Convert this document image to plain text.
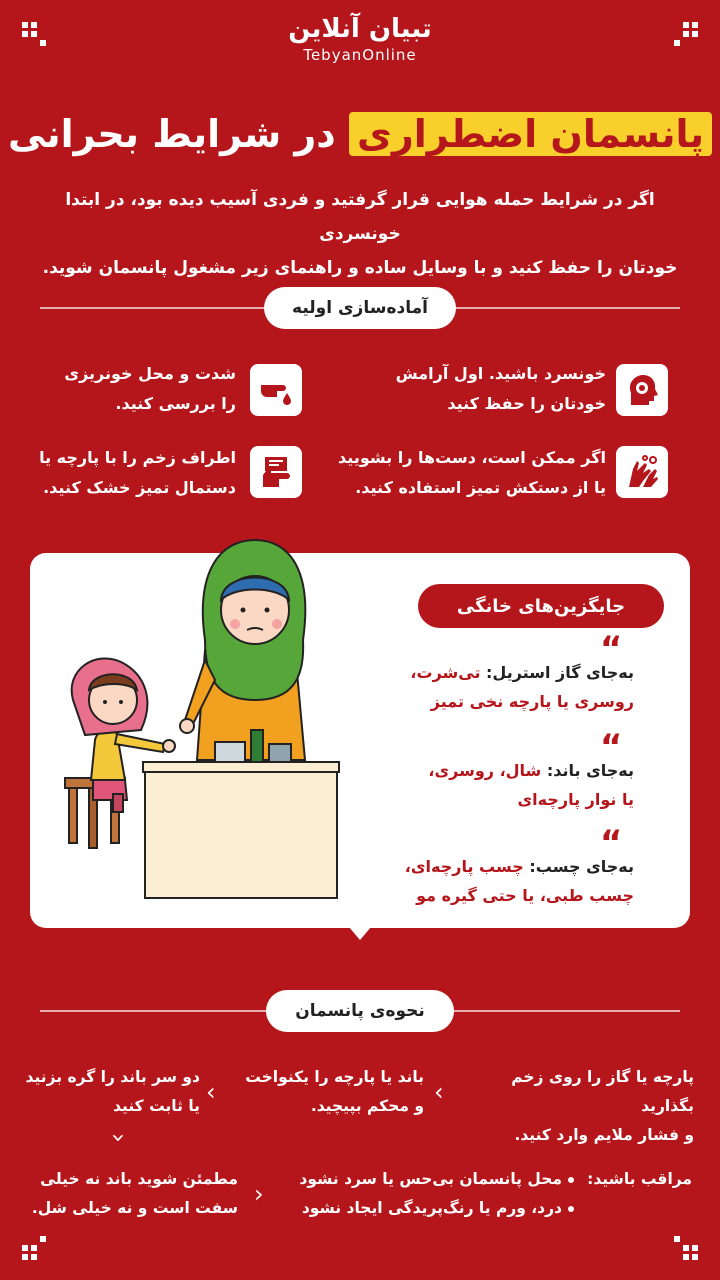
تبیان آنلاین
TebyanOnline
پانسمان اضطراری در شرایط بحرانی
اگر در شرایط حمله هوایی قرار گرفتید و فردی آسیب دیده بود، در ابتدا خونسردی
خودتان را حفظ کنید و با وسایل ساده و راهنمای زیر مشغول پانسمان شوید.
آماده‌سازی اولیه
خونسرد باشید. اول آرامش
خودتان را حفظ کنید
شدت و محل خونریزی
را بررسی کنید.
اگر ممکن است، دست‌ها را بشویید
یا از دستکش تمیز استفاده کنید.
اطراف زخم را با پارچه یا
دستمال تمیز خشک کنید.
جایگزین‌های خانگی
“
به‌جای گاز استریل: تی‌شرت،
روسری یا پارچه نخی تمیز
“
به‌جای باند: شال، روسری،
یا نوار پارچه‌ای
“
به‌جای چسب: چسب پارچه‌ای،
چسب طبی، یا حتی گیره مو
نحوه‌ی پانسمان
پارچه یا گاز را روی زخم بگذارید
و فشار ملایم وارد کنید.
‹
باند یا پارچه را یکنواخت
و محکم بپیچید.
‹
دو سر باند را گره بزنید
یا ثابت کنید
‹
مطمئن شوید باند نه خیلی
سفت است و نه خیلی شل. ‹
مراقب باشید:
محل پانسمان بی‌حس یا سرد نشود
درد، ورم یا رنگ‌پریدگی ایجاد نشود
